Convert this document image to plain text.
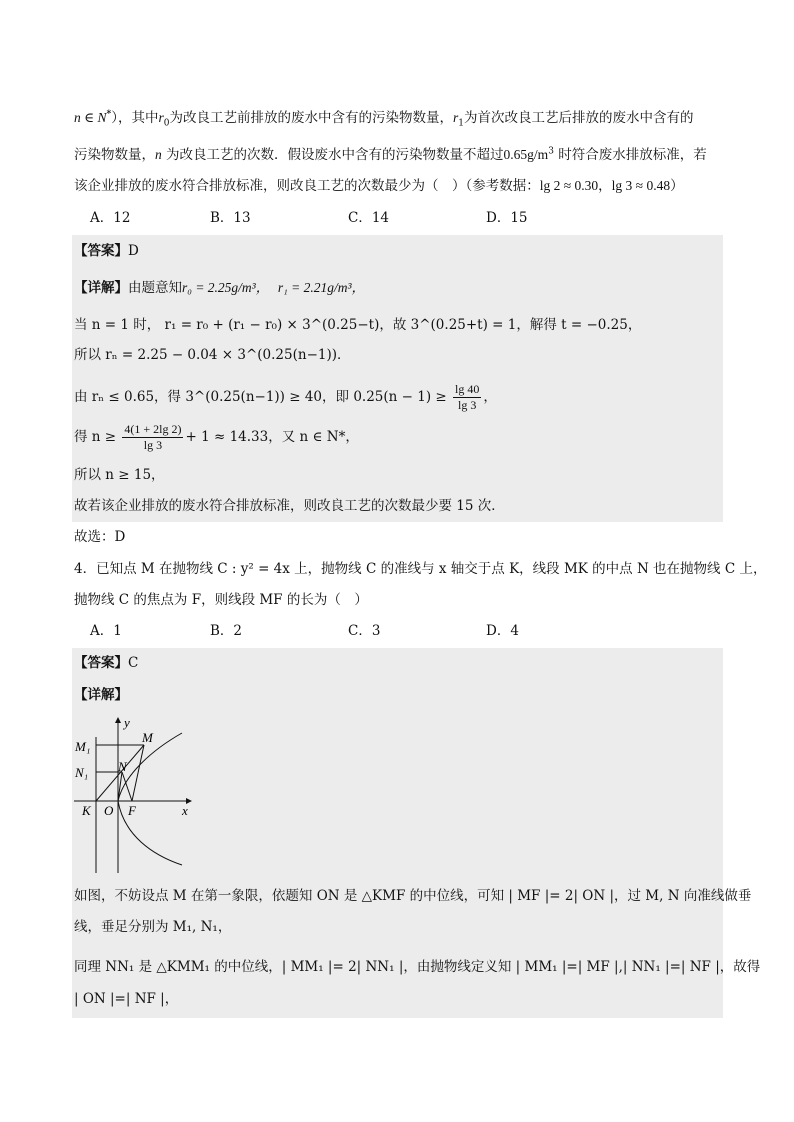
n ∈ N*），其中$r_0$为改良工艺前排放的废水中含有的污染物数量，$r_1$为首次改良工艺后排放的废水中含有的
污染物数量，n 为改良工艺的次数．假设废水中含有的污染物数量不超过$0.65g/m^3$ 时符合废水排放标准，若
该企业排放的废水符合排放标准，则改良工艺的次数最少为（　）（参考数据：lg 2 ≈ 0.30，lg 3 ≈ 0.48）
A．12	B．13	C．14	D．15
【答案】D
【详解】由题意知r₀ = 2.25g/m³， r₁ = 2.21g/m³，
当 n = 1 时， r₁ = r₀ + (r₁ − r₀) × 3^(0.25−t)，故 3^(0.25+t) = 1，解得 t = −0.25，
所以 rₙ = 2.25 − 0.04 × 3^(0.25(n−1))．
由 rₙ ≤ 0.65，得 3^(0.25(n−1)) ≥ 40，即 $0.25(n - 1) \ge \frac{\lg 40}{\lg 3}$ ，
得 $n \ge \frac{4(1 + 2\lg 2)}{\lg 3} + 1 \approx 14.33$，又 n ∈ N*，
所以 n ≥ 15，
故若该企业排放的废水符合排放标准，则改良工艺的次数最少要 15 次．
故选：D
4．已知点 M 在抛物线 C : y² = 4x 上，抛物线 C 的准线与 x 轴交于点 K，线段 MK 的中点 N 也在抛物线 C 上，
抛物线 C 的焦点为 F，则线段 MF 的长为（　）
A．1	B．2	C．3	D．4
【答案】C
【详解】
y
x
M
M₁
N
N₁
K O F
如图，不妨设点 M 在第一象限，依题知 ON 是 △KMF 的中位线，可知 | MF |= 2| ON |，过 M, N 向准线做垂
线，垂足分别为 M₁, N₁，
同理 NN₁ 是 △KMM₁ 的中位线，| MM₁ |= 2| NN₁ |，由抛物线定义知 | MM₁ |=| MF |,| NN₁ |=| NF |，故得
| ON |=| NF |，
